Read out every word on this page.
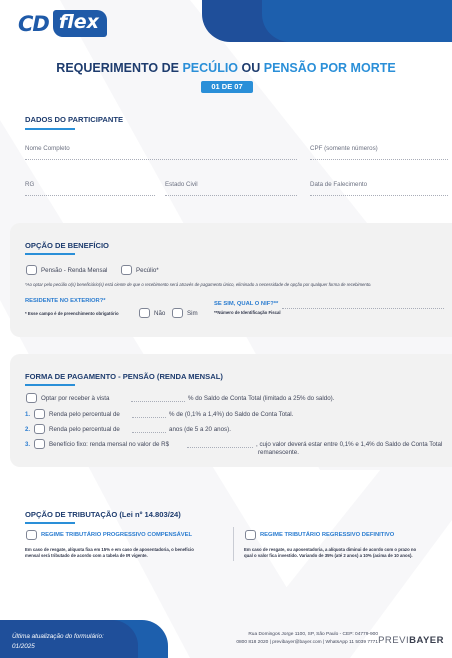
CD flex
REQUERIMENTO DE PECÚLIO OU PENSÃO POR MORTE
01 DE 07
DADOS DO PARTICIPANTE
Nome Completo	CPF (somente números)
RG	Estado Civil	Data de Falecimento
OPÇÃO DE BENEFÍCIO
Pensão - Renda Mensal	Pecúlio*
*Ao optar pelo pecúlio o(s) beneficiário(s) está ciente de que o recebimento será através de pagamento único, eliminado a necessidade de opção por qualquer forma de recebimento.
RESIDENTE NO EXTERIOR?*
* Esse campo é de preenchimento obrigatório	Não	Sim
SE SIM, QUAL O NIF?**
**Número de Identificação Fiscal
FORMA DE PAGAMENTO - PENSÃO (RENDA MENSAL)
Optar por receber à vista	% do Saldo de Conta Total (limitado a 25% do saldo).
1.	Renda pelo percentual de	% de (0,1% a 1,4%) do Saldo de Conta Total.
2.	Renda pelo percentual de	anos (de 5 a 20 anos).
3.	Benefício fixo: renda mensal no valor de R$	, cujo valor deverá estar entre 0,1% e 1,4% do Saldo de Conta Total
remanescente.
OPÇÃO DE TRIBUTAÇÃO (Lei nº 14.803/24)
REGIME TRIBUTÁRIO PROGRESSIVO COMPENSÁVEL
Em caso de resgate, alíquota fixa em 15% e em caso de aposentadoria, o benefício
mensal será tributado de acordo com a tabela de IR vigente.
REGIME TRIBUTÁRIO REGRESSIVO DEFINITIVO
Em caso de resgate, ou aposentadoria, a alíquota diminui de acordo com o prazo no
qual o valor fica investido. Variando de 35% (até 2 anos) a 10% (acima de 10 anos).
Última atualização do formulário:
01/2025
Rua Domingos Jorge 1100, SP, São Paulo - CEP: 04779-900
0800 818 2020 | previbayer@bayer.com | WhatsApp 11 5039 7771 PREVIBAYER
